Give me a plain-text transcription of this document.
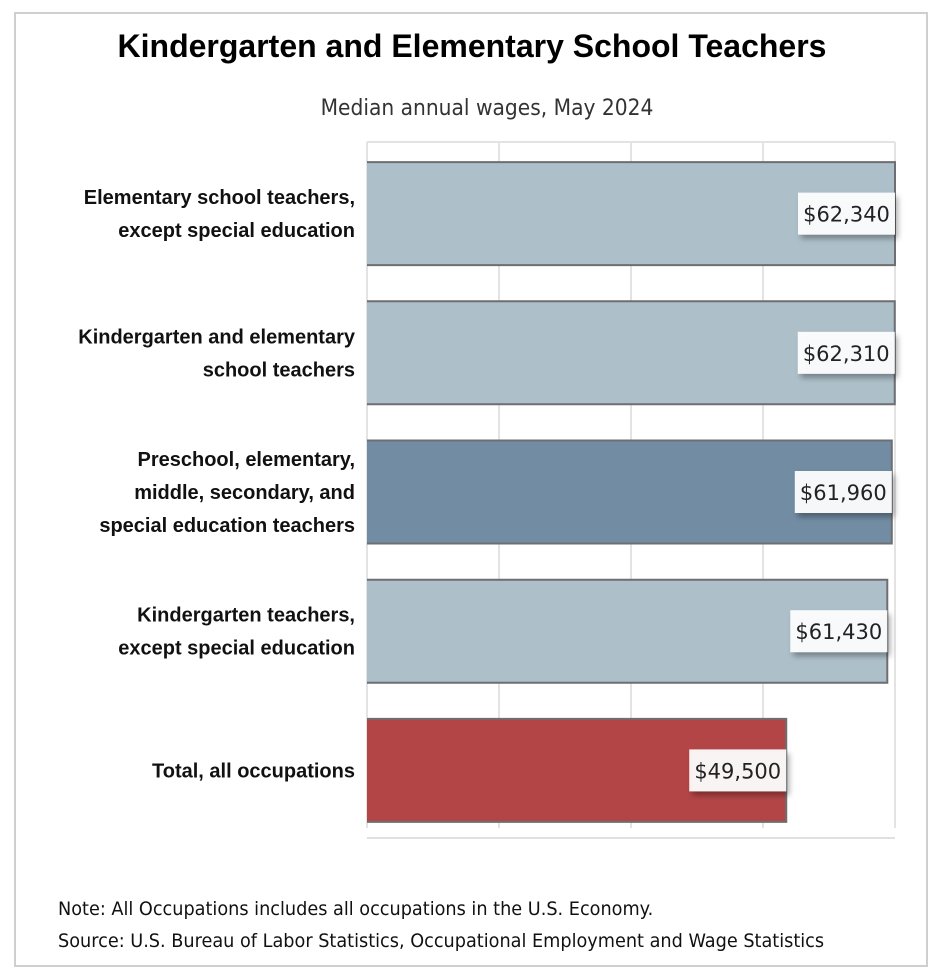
Kindergarten and Elementary School Teachers
Median annual wages, May 2024
Elementary school teachers,
except special education
Kindergarten and elementary
school teachers
Preschool, elementary,
middle, secondary, and
special education teachers
Kindergarten teachers,
except special education
Total, all occupations
$62,340
$62,310
$61,960
$61,430
$49,500
Note: All Occupations includes all occupations in the U.S. Economy.
Source: U.S. Bureau of Labor Statistics, Occupational Employment and Wage Statistics
